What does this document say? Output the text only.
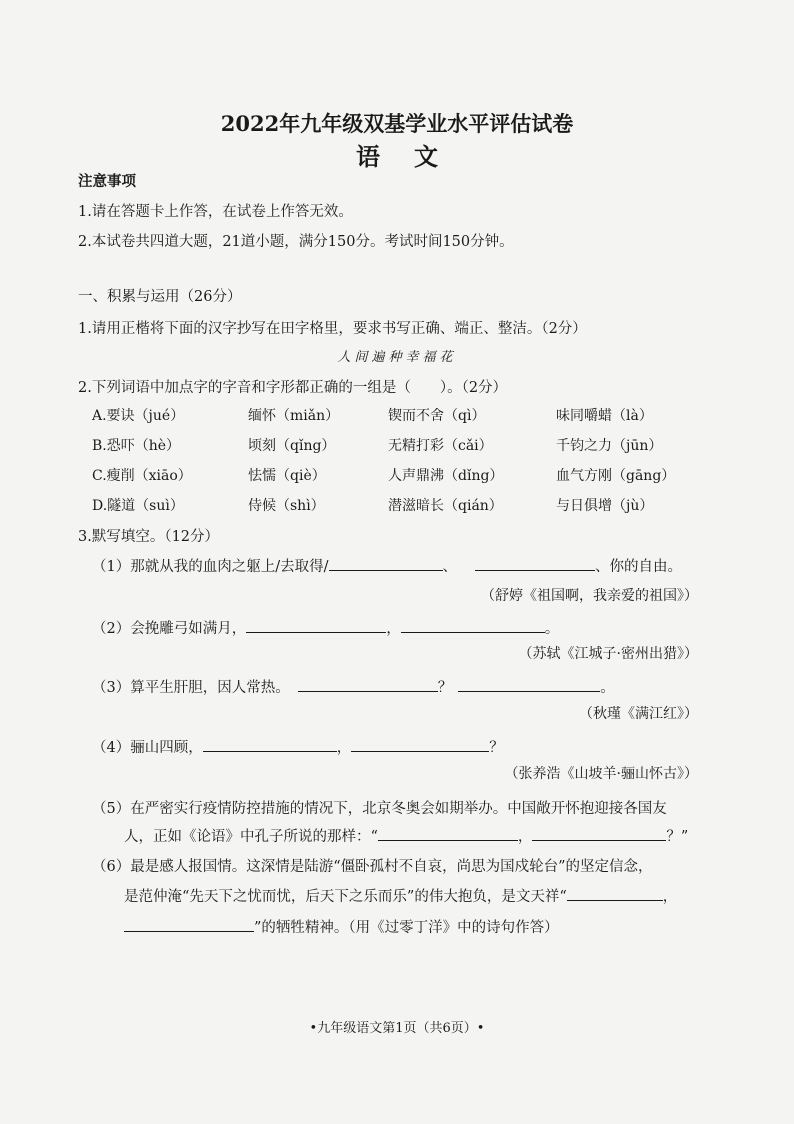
2022年九年级双基学业水平评估试卷
语文
注意事项
1.请在答题卡上作答，在试卷上作答无效。
2.本试卷共四道大题，21道小题，满分150分。考试时间150分钟。
一、积累与运用（26分）
1.请用正楷将下面的汉字抄写在田字格里，要求书写正确、端正、整洁。（2分）
人间遍种幸福花
2.下列词语中加点字的字音和字形都正确的一组是（　　）。（2分）
A.要诀（jué）	缅怀（miǎn）	锲而不舍（qì）	味同嚼蜡（là）
B.恐吓（hè）	顷刻（qǐng）	无精打彩（cǎi）	千钧之力（jūn）
C.瘦削（xiāo）	怯懦（qiè）	人声鼎沸（dǐng）	血气方刚（gāng）
D.隧道（suì）	侍候（shì）	潜滋暗长（qián）	与日俱增（jù）
3.默写填空。（12分）
（1）那就从我的血肉之躯上/去取得/	、	、你的自由。
（舒婷《祖国啊，我亲爱的祖国》）
（2）会挽雕弓如满月，	，	。
（苏轼《江城子·密州出猎》）
（3）算平生肝胆，因人常热。	？	。
（秋瑾《满江红》）
（4）骊山四顾，	，	？
（张养浩《山坡羊·骊山怀古》）
（5）在严密实行疫情防控措施的情况下，北京冬奥会如期举办。中国敞开怀抱迎接各国友
人，正如《论语》中孔子所说的那样：“	，	？”
（6）最是感人报国情。这深情是陆游“僵卧孤村不自哀，尚思为国戍轮台”的坚定信念，
是范仲淹“先天下之忧而忧，后天下之乐而乐”的伟大抱负，是文天祥“	，
”的牺牲精神。（用《过零丁洋》中的诗句作答）
•九年级语文第1页（共6页）•
